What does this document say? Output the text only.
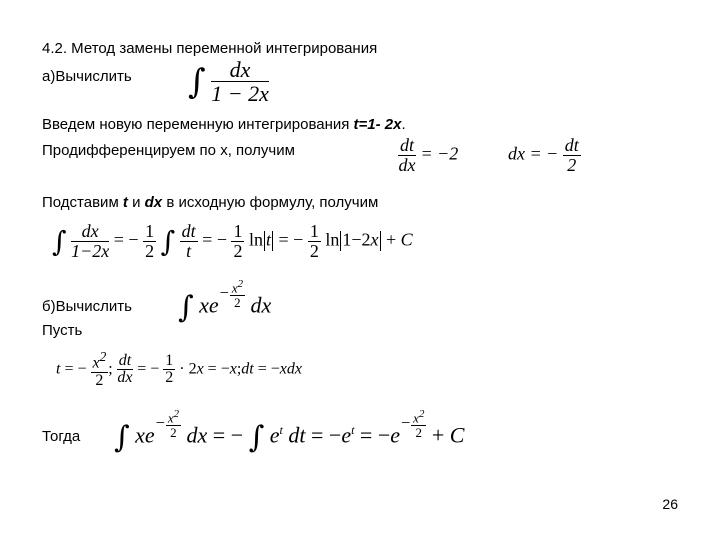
4.2. Метод замены переменной интегрирования
а)Вычислить ∫ $\frac{dx}{1 - 2x}$
Введем новую переменную интегрирования t=1- 2x.
Продифференцируем по х, получим	$\frac{dt}{dx} = -2$	dx = − $\frac{dt}{2}$
Подставим t и dx в исходную формулу, получим
∫ $\frac{dx}{1-2x}$ = − $\frac{1}{2}$ ∫ $\frac{dt}{t}$ = − $\frac{1}{2}$ ln t = − $\frac{1}{2}$ ln 1−2x + C
б)Вычислить ∫ $xe^{- \frac{x^2}{2}}$ dx
Пусть
t = − $\frac{x^2}{2}$ ; $\frac{dt}{dx}$ = − $\frac{1}{2} \cdot 2x$ = −x;dt = −xdx
Тогда ∫ $xe^{- \frac{x^2}{2}}$ dx = − ∫ $e^t$ dt = $-e^t = -e^{- \frac{x^2}{2}} + C$
26
